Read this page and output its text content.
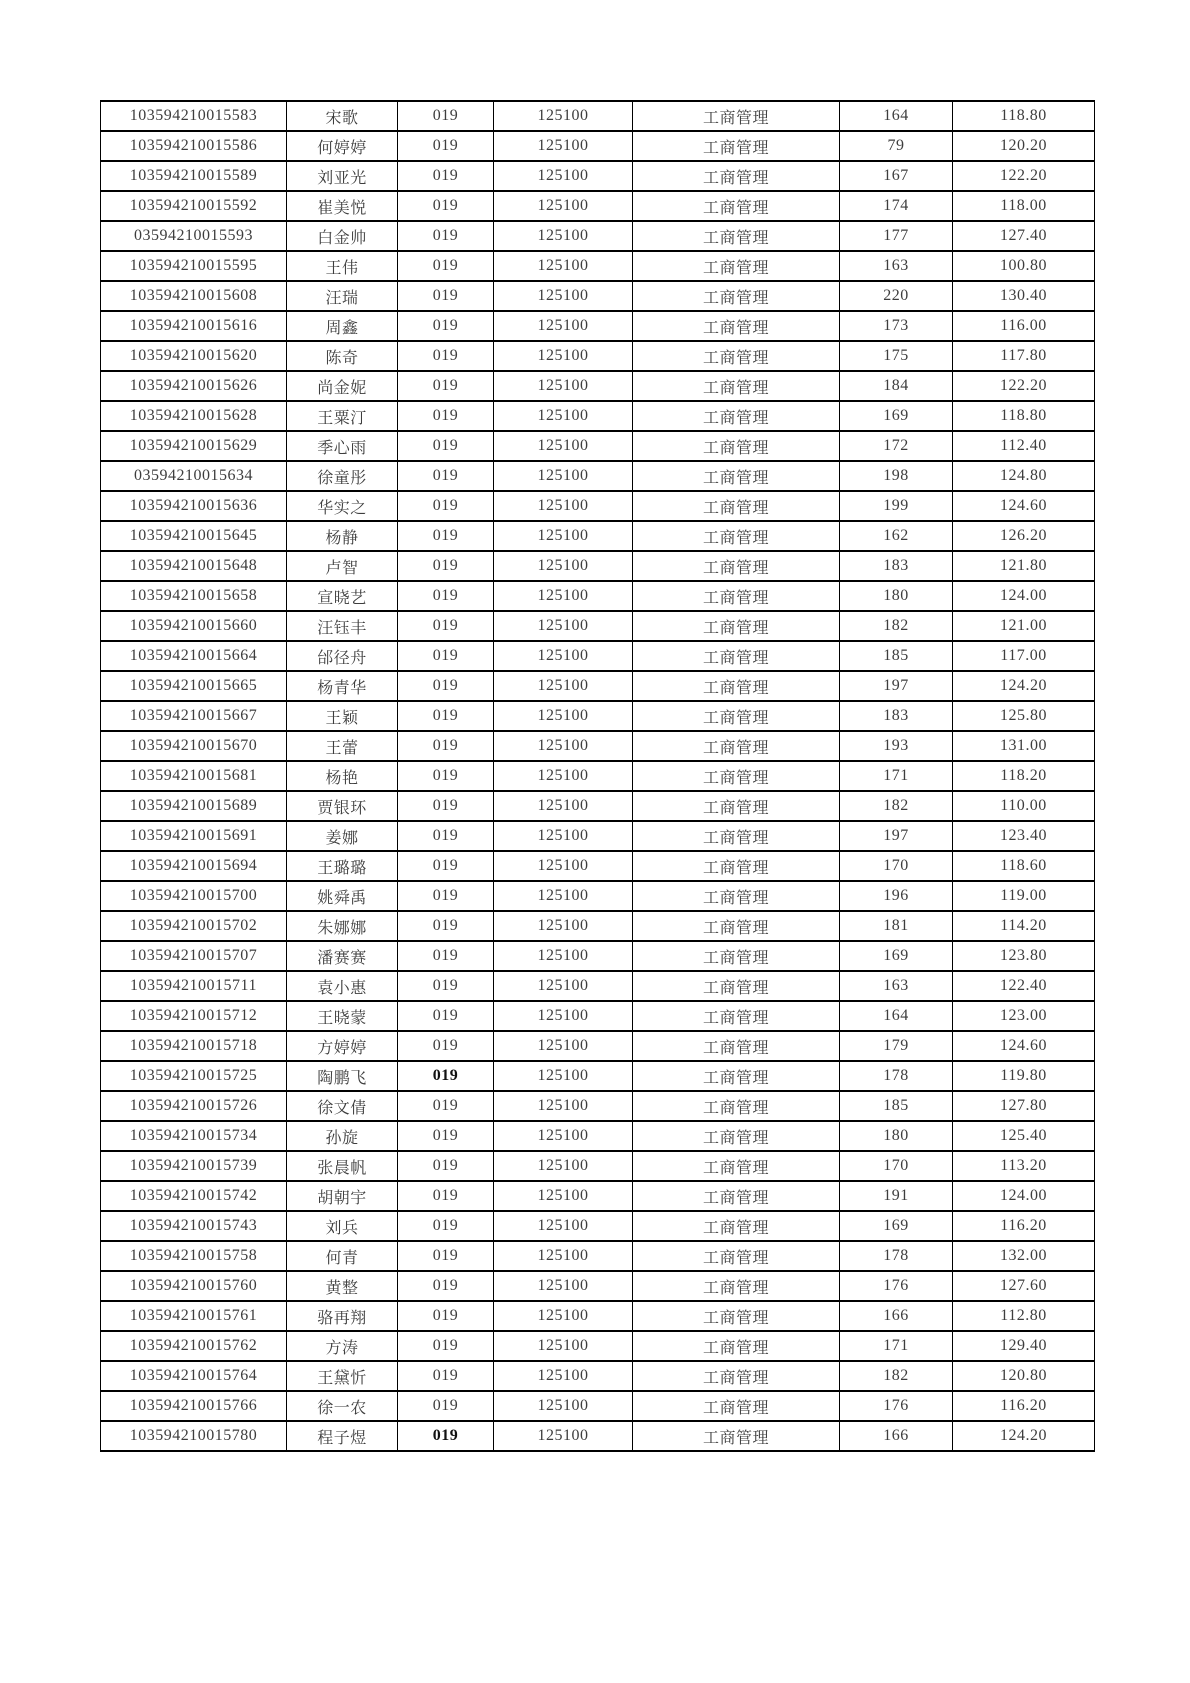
103594210015583	宋歌	019	125100	工商管理	164	118.80
103594210015586	何婷婷	019	125100	工商管理	79	120.20
103594210015589	刘亚光	019	125100	工商管理	167	122.20
103594210015592	崔美悦	019	125100	工商管理	174	118.00
03594210015593	白金帅	019	125100	工商管理	177	127.40
103594210015595	王伟	019	125100	工商管理	163	100.80
103594210015608	汪瑞	019	125100	工商管理	220	130.40
103594210015616	周鑫	019	125100	工商管理	173	116.00
103594210015620	陈奇	019	125100	工商管理	175	117.80
103594210015626	尚金妮	019	125100	工商管理	184	122.20
103594210015628	王粟汀	019	125100	工商管理	169	118.80
103594210015629	季心雨	019	125100	工商管理	172	112.40
03594210015634	徐童彤	019	125100	工商管理	198	124.80
103594210015636	华实之	019	125100	工商管理	199	124.60
103594210015645	杨静	019	125100	工商管理	162	126.20
103594210015648	卢智	019	125100	工商管理	183	121.80
103594210015658	宣晓艺	019	125100	工商管理	180	124.00
103594210015660	汪钰丰	019	125100	工商管理	182	121.00
103594210015664	邰径舟	019	125100	工商管理	185	117.00
103594210015665	杨青华	019	125100	工商管理	197	124.20
103594210015667	王颖	019	125100	工商管理	183	125.80
103594210015670	王蕾	019	125100	工商管理	193	131.00
103594210015681	杨艳	019	125100	工商管理	171	118.20
103594210015689	贾银环	019	125100	工商管理	182	110.00
103594210015691	姜娜	019	125100	工商管理	197	123.40
103594210015694	王璐璐	019	125100	工商管理	170	118.60
103594210015700	姚舜禹	019	125100	工商管理	196	119.00
103594210015702	朱娜娜	019	125100	工商管理	181	114.20
103594210015707	潘赛赛	019	125100	工商管理	169	123.80
103594210015711	袁小惠	019	125100	工商管理	163	122.40
103594210015712	王晓蒙	019	125100	工商管理	164	123.00
103594210015718	方婷婷	019	125100	工商管理	179	124.60
103594210015725	陶鹏飞	019	125100	工商管理	178	119.80
103594210015726	徐文倩	019	125100	工商管理	185	127.80
103594210015734	孙旋	019	125100	工商管理	180	125.40
103594210015739	张晨帆	019	125100	工商管理	170	113.20
103594210015742	胡朝宇	019	125100	工商管理	191	124.00
103594210015743	刘兵	019	125100	工商管理	169	116.20
103594210015758	何青	019	125100	工商管理	178	132.00
103594210015760	黄整	019	125100	工商管理	176	127.60
103594210015761	骆再翔	019	125100	工商管理	166	112.80
103594210015762	方涛	019	125100	工商管理	171	129.40
103594210015764	王黛忻	019	125100	工商管理	182	120.80
103594210015766	徐一农	019	125100	工商管理	176	116.20
103594210015780	程子煜	019	125100	工商管理	166	124.20
